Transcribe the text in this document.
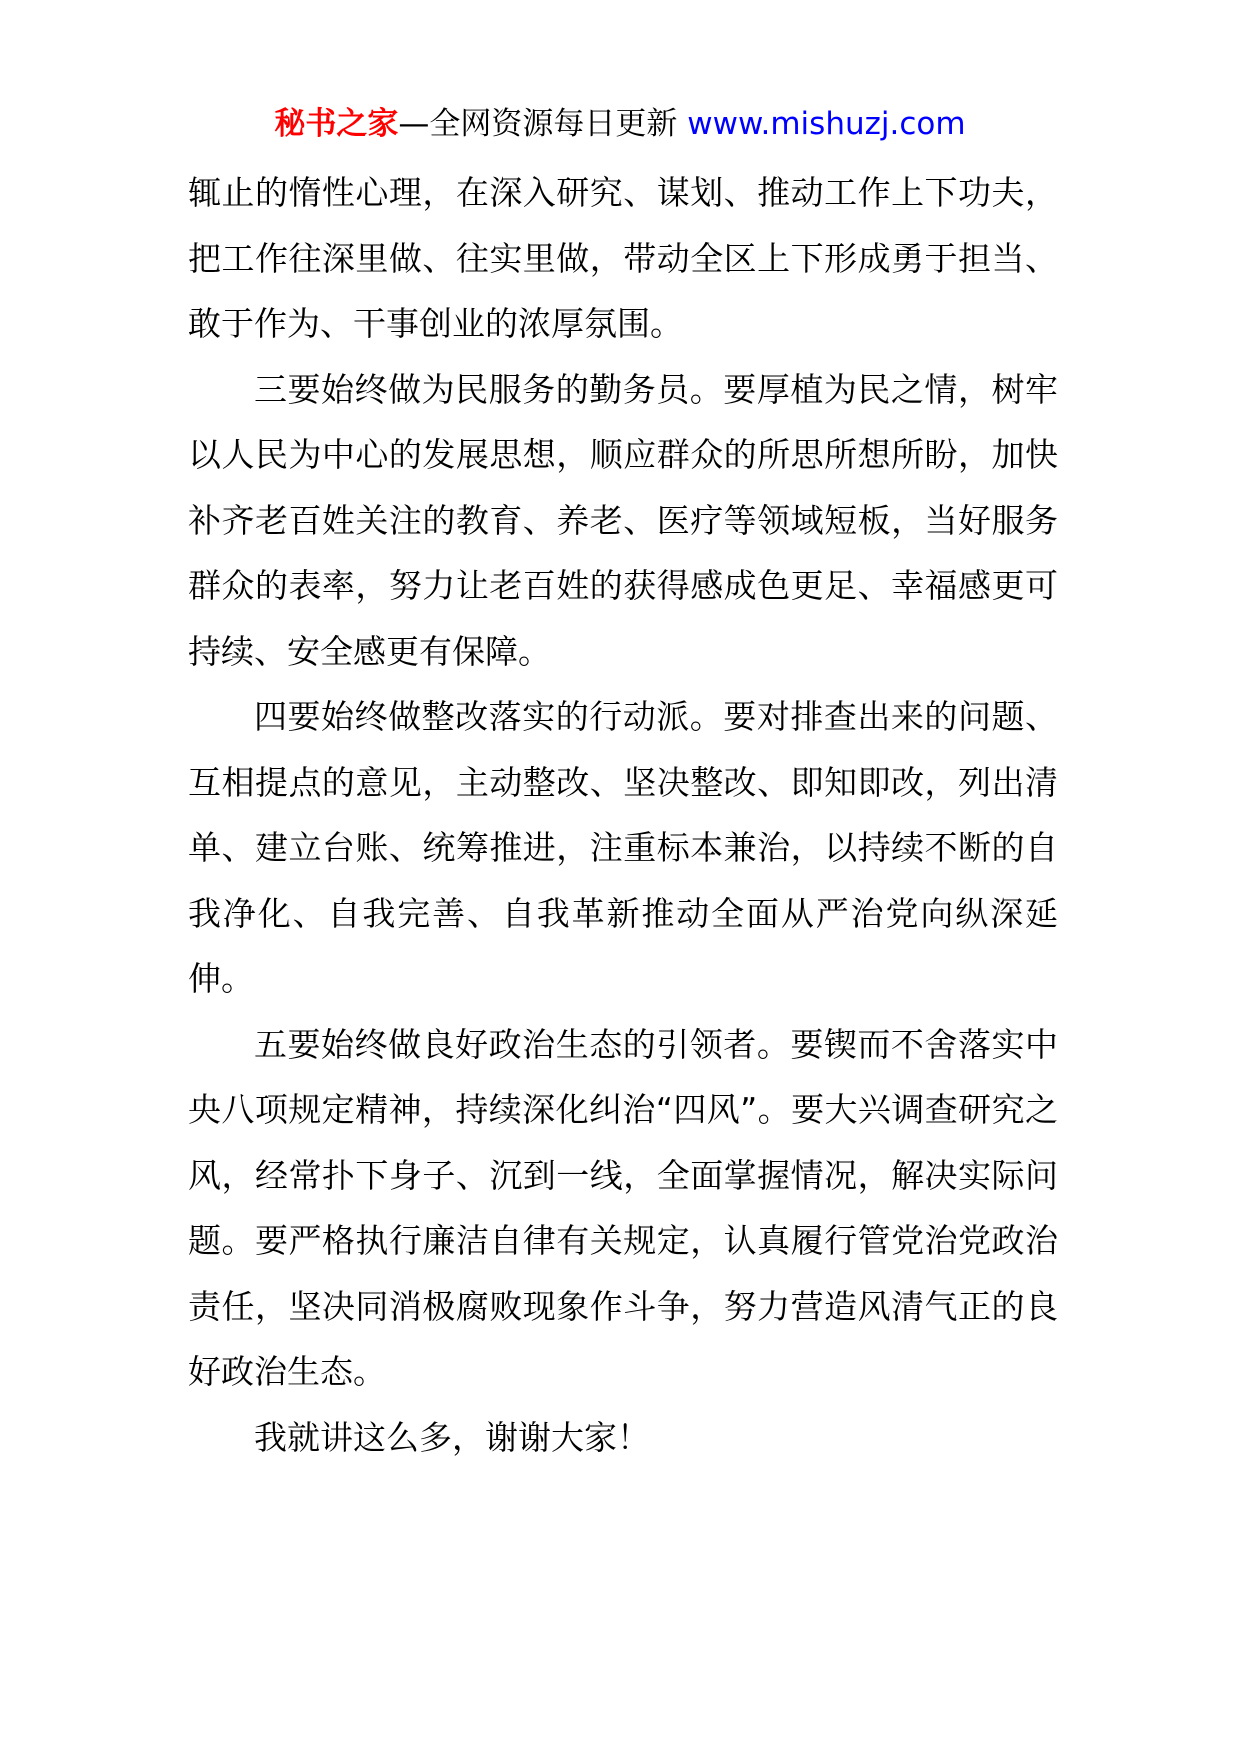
秘书之家—全网资源每日更新 www.mishuzj.com

辄止的惰性心理，在深入研究、谋划、推动工作上下功夫，把工作往深里做、往实里做，带动全区上下形成勇于担当、敢于作为、干事创业的浓厚氛围。

三要始终做为民服务的勤务员。要厚植为民之情，树牢以人民为中心的发展思想，顺应群众的所思所想所盼，加快补齐老百姓关注的教育、养老、医疗等领域短板，当好服务群众的表率，努力让老百姓的获得感成色更足、幸福感更可持续、安全感更有保障。

四要始终做整改落实的行动派。要对排查出来的问题、互相提点的意见，主动整改、坚决整改、即知即改，列出清单、建立台账、统筹推进，注重标本兼治，以持续不断的自我净化、自我完善、自我革新推动全面从严治党向纵深延伸。

五要始终做良好政治生态的引领者。要锲而不舍落实中央八项规定精神，持续深化纠治“四风”。要大兴调查研究之风，经常扑下身子、沉到一线，全面掌握情况，解决实际问题。要严格执行廉洁自律有关规定，认真履行管党治党政治责任，坚决同消极腐败现象作斗争，努力营造风清气正的良好政治生态。

我就讲这么多，谢谢大家！
